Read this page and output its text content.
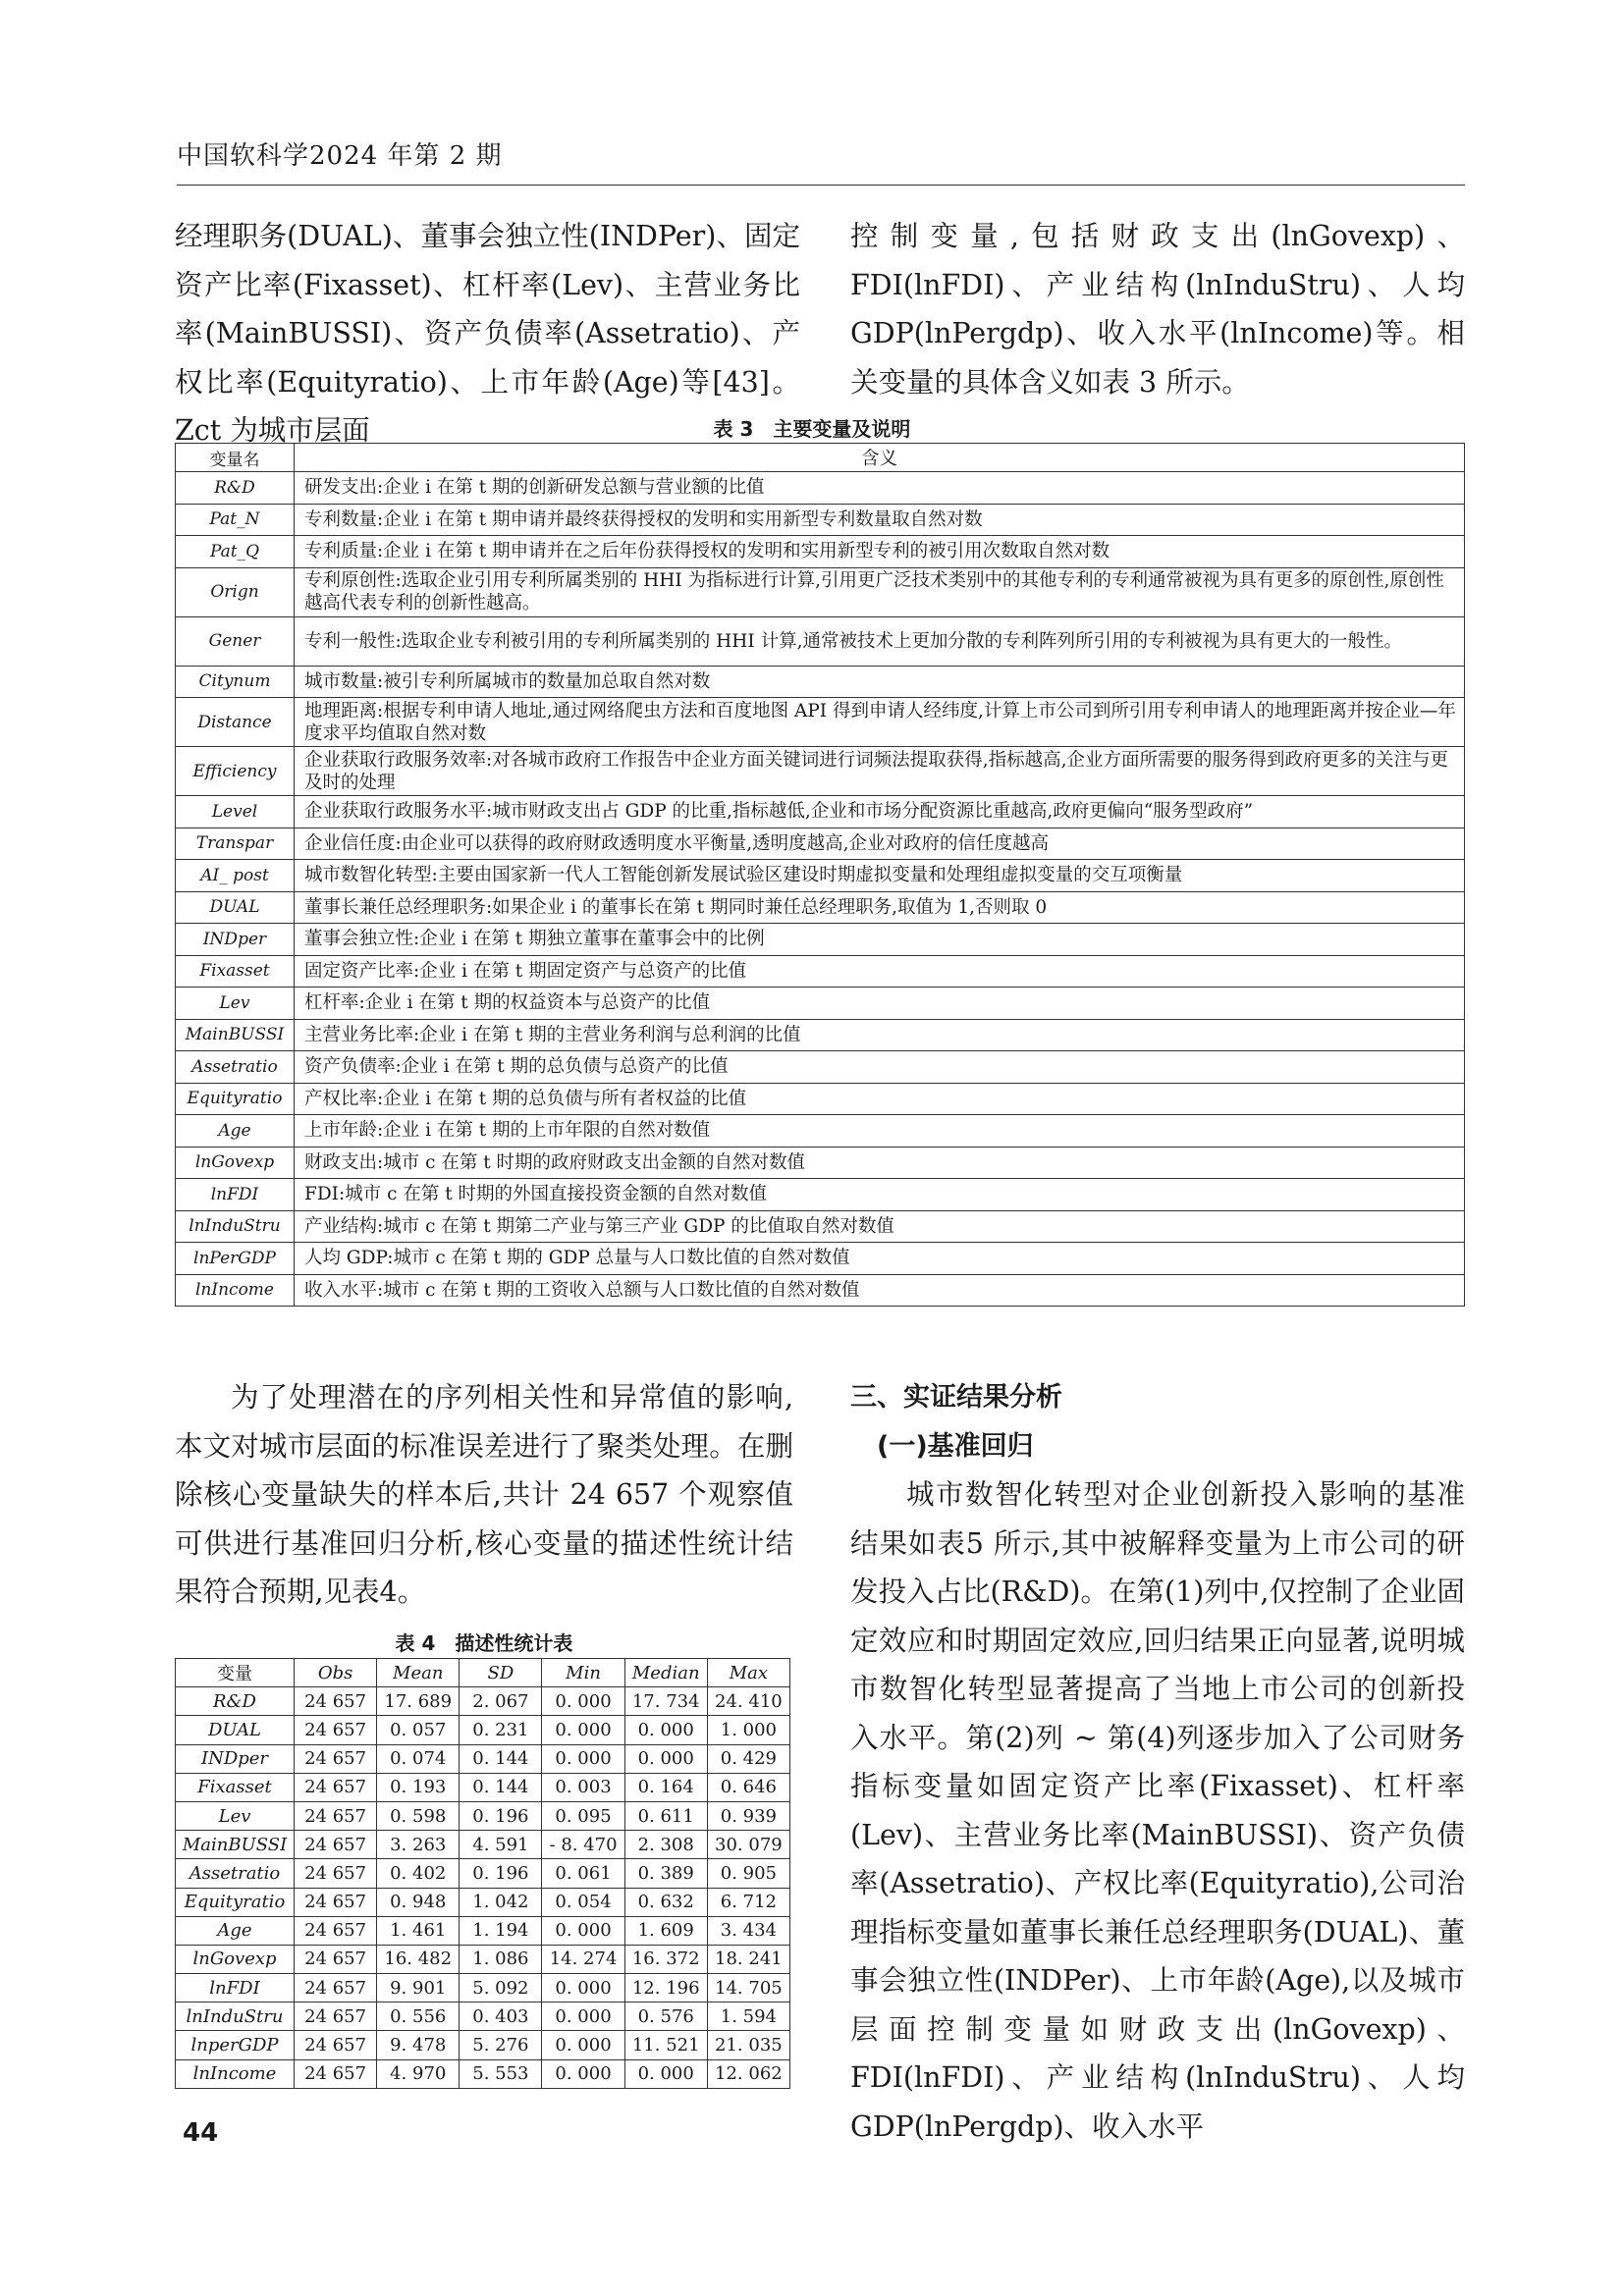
中国软科学2024 年第 2 期

经理职务(DUAL)、董事会独立性(INDPer)、固定资产比率(Fixasset)、杠杆率(Lev)、主营业务比率(MainBUSSI)、资产负债率(Assetratio)、产权比率(Equityratio)、上市年龄(Age)等[43]。Zct 为城市层面

控制变量,包括财政支出(lnGovexp)、FDI(lnFDI)、产业结构(lnInduStru)、人均 GDP(lnPergdp)、收入水平(lnIncome)等。相关变量的具体含义如表 3 所示。

表 3　主要变量及说明
变量名	含义
R&D	研发支出:企业 i 在第 t 期的创新研发总额与营业额的比值
Pat_N	专利数量:企业 i 在第 t 期申请并最终获得授权的发明和实用新型专利数量取自然对数
Pat_Q	专利质量:企业 i 在第 t 期申请并在之后年份获得授权的发明和实用新型专利的被引用次数取自然对数
Orign	专利原创性:选取企业引用专利所属类别的 HHI 为指标进行计算,引用更广泛技术类别中的其他专利的专利通常被视为具有更多的原创性,原创性越高代表专利的创新性越高。
Gener	专利一般性:选取企业专利被引用的专利所属类别的 HHI 计算,通常被技术上更加分散的专利阵列所引用的专利被视为具有更大的一般性。
Citynum	城市数量:被引专利所属城市的数量加总取自然对数
Distance	地理距离:根据专利申请人地址,通过网络爬虫方法和百度地图 API 得到申请人经纬度,计算上市公司到所引用专利申请人的地理距离并按企业—年度求平均值取自然对数
Efficiency	企业获取行政服务效率:对各城市政府工作报告中企业方面关键词进行词频法提取获得,指标越高,企业方面所需要的服务得到政府更多的关注与更及时的处理
Level	企业获取行政服务水平:城市财政支出占 GDP 的比重,指标越低,企业和市场分配资源比重越高,政府更偏向“服务型政府”
Transpar	企业信任度:由企业可以获得的政府财政透明度水平衡量,透明度越高,企业对政府的信任度越高
AI_ post	城市数智化转型:主要由国家新一代人工智能创新发展试验区建设时期虚拟变量和处理组虚拟变量的交互项衡量
DUAL	董事长兼任总经理职务:如果企业 i 的董事长在第 t 期同时兼任总经理职务,取值为 1,否则取 0
INDper	董事会独立性:企业 i 在第 t 期独立董事在董事会中的比例
Fixasset	固定资产比率:企业 i 在第 t 期固定资产与总资产的比值
Lev	杠杆率:企业 i 在第 t 期的权益资本与总资产的比值
MainBUSSI	主营业务比率:企业 i 在第 t 期的主营业务利润与总利润的比值
Assetratio	资产负债率:企业 i 在第 t 期的总负债与总资产的比值
Equityratio	产权比率:企业 i 在第 t 期的总负债与所有者权益的比值
Age	上市年龄:企业 i 在第 t 期的上市年限的自然对数值
lnGovexp	财政支出:城市 c 在第 t 时期的政府财政支出金额的自然对数值
lnFDI	FDI:城市 c 在第 t 时期的外国直接投资金额的自然对数值
lnInduStru	产业结构:城市 c 在第 t 期第二产业与第三产业 GDP 的比值取自然对数值
lnPerGDP	人均 GDP:城市 c 在第 t 期的 GDP 总量与人口数比值的自然对数值
lnIncome	收入水平:城市 c 在第 t 期的工资收入总额与人口数比值的自然对数值

为了处理潜在的序列相关性和异常值的影响,本文对城市层面的标准误差进行了聚类处理。在删除核心变量缺失的样本后,共计 24 657 个观察值可供进行基准回归分析,核心变量的描述性统计结果符合预期,见表4。

表 4　描述性统计表
变量	Obs	Mean	SD	Min	Median	Max
R&D	24 657	17. 689	2. 067	0. 000	17. 734	24. 410
DUAL	24 657	0. 057	0. 231	0. 000	0. 000	1. 000
INDper	24 657	0. 074	0. 144	0. 000	0. 000	0. 429
Fixasset	24 657	0. 193	0. 144	0. 003	0. 164	0. 646
Lev	24 657	0. 598	0. 196	0. 095	0. 611	0. 939
MainBUSSI	24 657	3. 263	4. 591	- 8. 470	2. 308	30. 079
Assetratio	24 657	0. 402	0. 196	0. 061	0. 389	0. 905
Equityratio	24 657	0. 948	1. 042	0. 054	0. 632	6. 712
Age	24 657	1. 461	1. 194	0. 000	1. 609	3. 434
lnGovexp	24 657	16. 482	1. 086	14. 274	16. 372	18. 241
lnFDI	24 657	9. 901	5. 092	0. 000	12. 196	14. 705
lnInduStru	24 657	0. 556	0. 403	0. 000	0. 576	1. 594
lnperGDP	24 657	9. 478	5. 276	0. 000	11. 521	21. 035
lnIncome	24 657	4. 970	5. 553	0. 000	0. 000	12. 062
三、实证结果分析
(一)基准回归

城市数智化转型对企业创新投入影响的基准结果如表5 所示,其中被解释变量为上市公司的研发投入占比(R&D)。在第(1)列中,仅控制了企业固定效应和时期固定效应,回归结果正向显著,说明城市数智化转型显著提高了当地上市公司的创新投入水平。第(2)列 ~ 第(4)列逐步加入了公司财务指标变量如固定资产比率(Fixasset)、杠杆率(Lev)、主营业务比率(MainBUSSI)、资产负债率(Assetratio)、产权比率(Equityratio),公司治理指标变量如董事长兼任总经理职务(DUAL)、董事会独立性(INDPer)、上市年龄(Age),以及城市层面控制变量如财政支出(lnGovexp)、FDI(lnFDI)、产业结构(lnInduStru)、人均 GDP(lnPergdp)、收入水平

44
